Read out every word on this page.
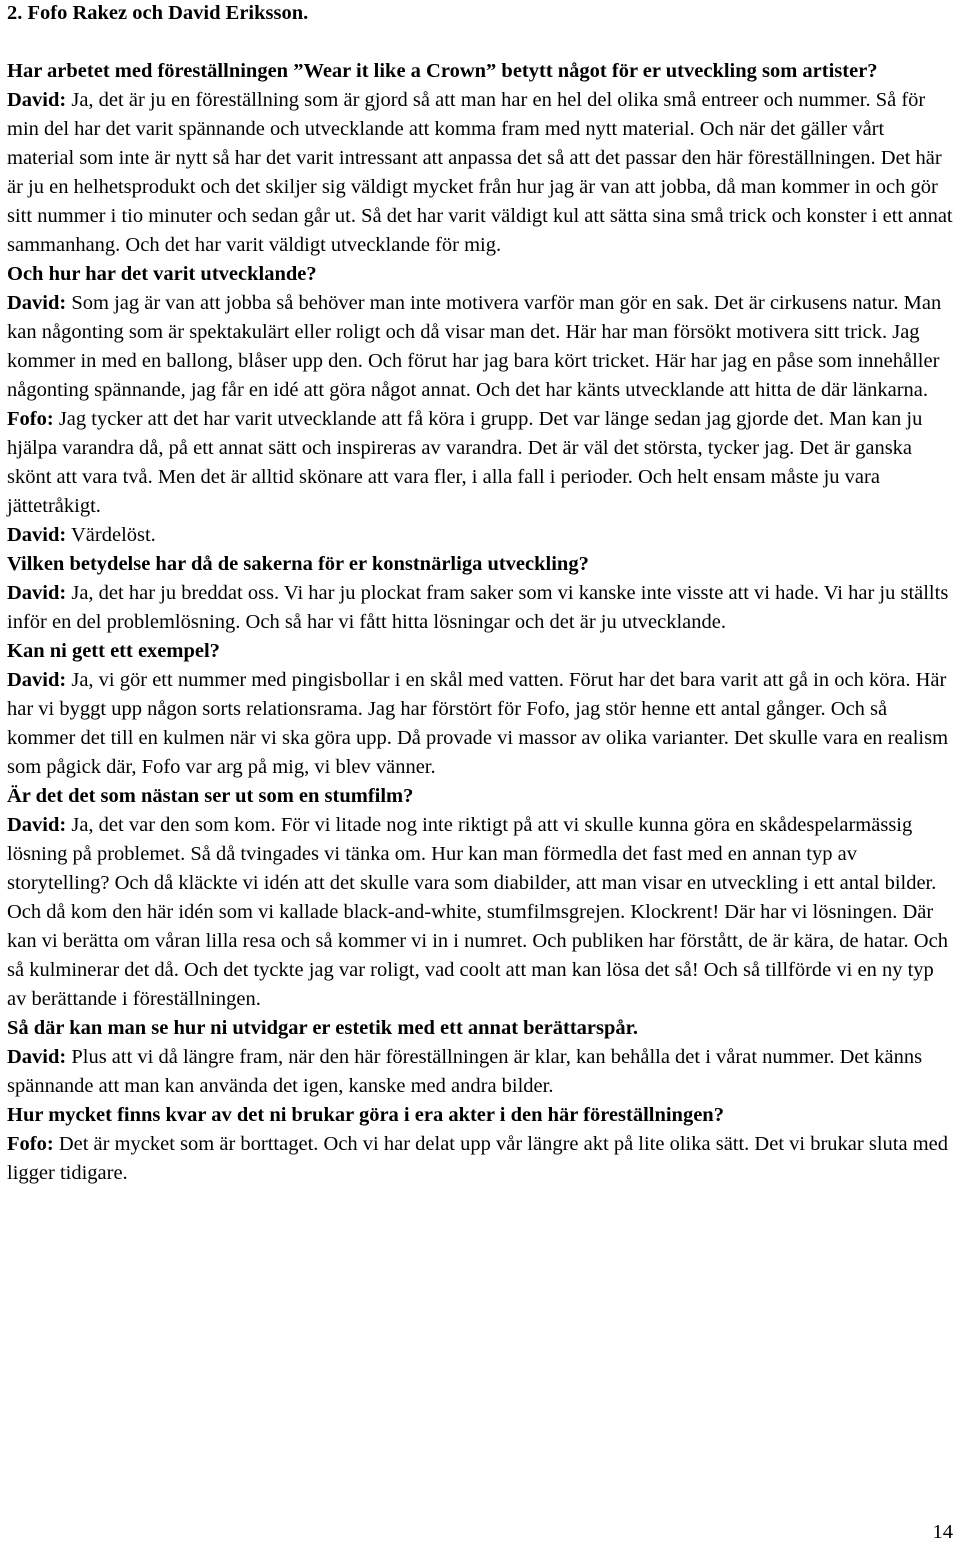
2. Fofo Rakez och David Eriksson.

Har arbetet med föreställningen ”Wear it like a Crown” betytt något för er utveckling som artister?

David: Ja, det är ju en föreställning som är gjord så att man har en hel del olika små entreer och nummer. Så för min del har det varit spännande och utvecklande att komma fram med nytt material. Och när det gäller vårt material som inte är nytt så har det varit intressant att anpassa det så att det passar den här föreställningen. Det här är ju en helhetsprodukt och det skiljer sig väldigt mycket från hur jag är van att jobba, då man kommer in och gör sitt nummer i tio minuter och sedan går ut. Så det har varit väldigt kul att sätta sina små trick och konster i ett annat sammanhang. Och det har varit väldigt utvecklande för mig.

Och hur har det varit utvecklande?

David: Som jag är van att jobba så behöver man inte motivera varför man gör en sak. Det är cirkusens natur. Man kan någonting som är spektakulärt eller roligt och då visar man det. Här har man försökt motivera sitt trick. Jag kommer in med en ballong, blåser upp den. Och förut har jag bara kört tricket. Här har jag en påse som innehåller någonting spännande, jag får en idé att göra något annat. Och det har känts utvecklande att hitta de där länkarna.

Fofo: Jag tycker att det har varit utvecklande att få köra i grupp. Det var länge sedan jag gjorde det. Man kan ju hjälpa varandra då, på ett annat sätt och inspireras av varandra. Det är väl det största, tycker jag. Det är ganska skönt att vara två. Men det är alltid skönare att vara fler, i alla fall i perioder. Och helt ensam måste ju vara jättetråkigt.

David: Värdelöst.

Vilken betydelse har då de sakerna för er konstnärliga utveckling?

David: Ja, det har ju breddat oss. Vi har ju plockat fram saker som vi kanske inte visste att vi hade. Vi har ju ställts inför en del problemlösning. Och så har vi fått hitta lösningar och det är ju utvecklande.

Kan ni gett ett exempel?

David: Ja, vi gör ett nummer med pingisbollar i en skål med vatten. Förut har det bara varit att gå in och köra. Här har vi byggt upp någon sorts relationsrama. Jag har förstört för Fofo, jag stör henne ett antal gånger. Och så kommer det till en kulmen när vi ska göra upp. Då provade vi massor av olika varianter. Det skulle vara en realism som pågick där, Fofo var arg på mig, vi blev vänner.

Är det det som nästan ser ut som en stumfilm?

David: Ja, det var den som kom. För vi litade nog inte riktigt på att vi skulle kunna göra en skådespelarmässig lösning på problemet. Så då tvingades vi tänka om. Hur kan man förmedla det fast med en annan typ av storytelling? Och då kläckte vi idén att det skulle vara som diabilder, att man visar en utveckling i ett antal bilder. Och då kom den här idén som vi kallade black-and-white, stumfilmsgrejen. Klockrent! Där har vi lösningen. Där kan vi berätta om våran lilla resa och så kommer vi in i numret. Och publiken har förstått, de är kära, de hatar. Och så kulminerar det då. Och det tyckte jag var roligt, vad coolt att man kan lösa det så! Och så tillförde vi en ny typ av berättande i föreställningen.

Så där kan man se hur ni utvidgar er estetik med ett annat berättarspår.

David: Plus att vi då längre fram, när den här föreställningen är klar, kan behålla det i vårat nummer. Det känns spännande att man kan använda det igen, kanske med andra bilder.

Hur mycket finns kvar av det ni brukar göra i era akter i den här föreställningen?

Fofo: Det är mycket som är borttaget. Och vi har delat upp vår längre akt på lite olika sätt. Det vi brukar sluta med ligger tidigare.

14
